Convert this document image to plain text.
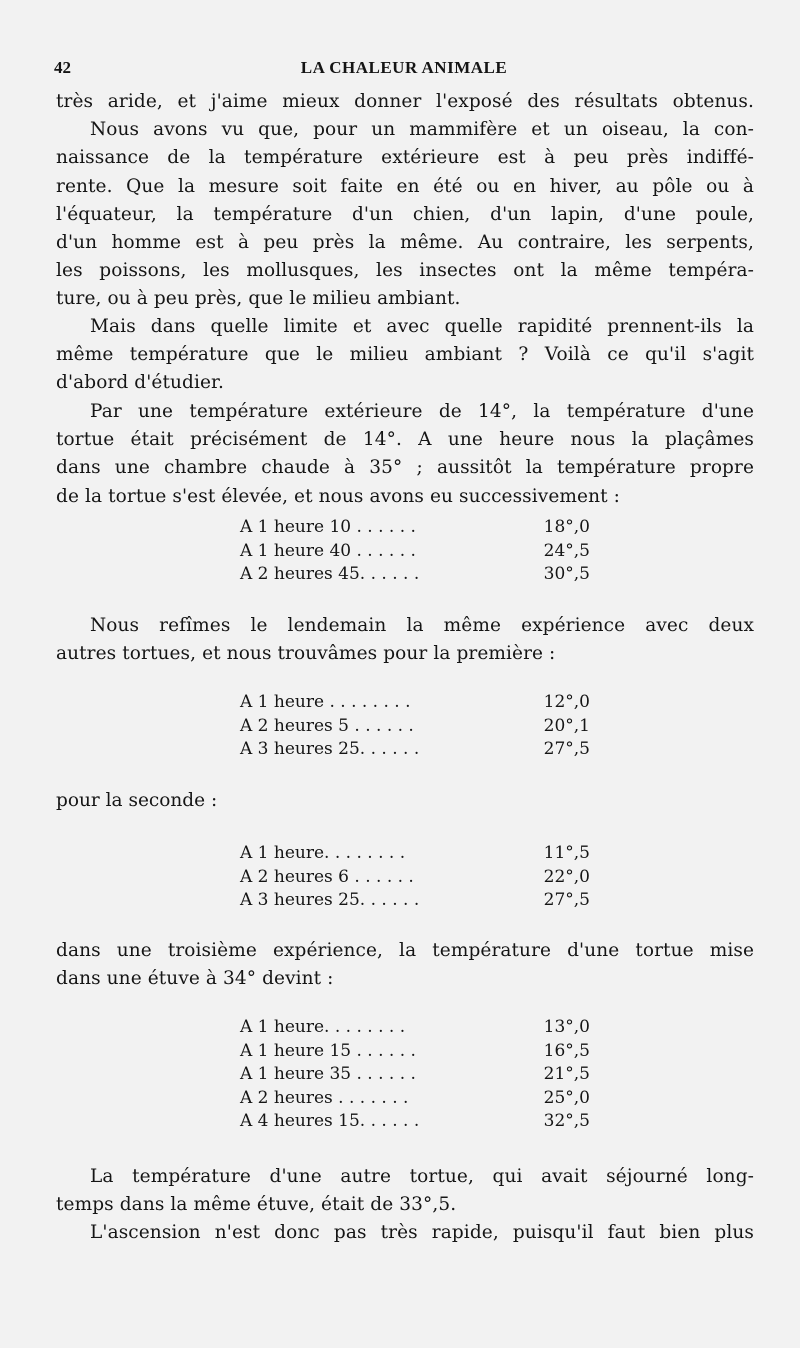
42	LA CHALEUR ANIMALE

très aride, et j'aime mieux donner l'exposé des résultats obtenus.

Nous avons vu que, pour un mammifère et un oiseau, la con-

naissance de la température extérieure est à peu près indiffé-

rente. Que la mesure soit faite en été ou en hiver, au pôle ou à

l'équateur, la température d'un chien, d'un lapin, d'une poule,

d'un homme est à peu près la même. Au contraire, les serpents,

les poissons, les mollusques, les insectes ont la même tempéra-

ture, ou à peu près, que le milieu ambiant.

Mais dans quelle limite et avec quelle rapidité prennent-ils la

même température que le milieu ambiant ? Voilà ce qu'il s'agit

d'abord d'étudier.

Par une température extérieure de 14°, la température d'une

tortue était précisément de 14°. A une heure nous la plaçâmes

dans une chambre chaude à 35° ; aussitôt la température propre

de la tortue s'est élevée, et nous avons eu successivement :

A 1 heure 10 . . . . . .	18°,0
A 1 heure 40 . . . . . .	24°,5
A 2 heures 45. . . . . .	30°,5

Nous refîmes le lendemain la même expérience avec deux

autres tortues, et nous trouvâmes pour la première :

A 1 heure . . . . . . . .	12°,0
A 2 heures 5 . . . . . .	20°,1
A 3 heures 25. . . . . .	27°,5
pour la seconde :
A 1 heure. . . . . . . .	11°,5
A 2 heures 6 . . . . . .	22°,0
A 3 heures 25. . . . . .	27°,5

dans une troisième expérience, la température d'une tortue mise

dans une étuve à 34° devint :

A 1 heure. . . . . . . .	13°,0
A 1 heure 15 . . . . . .	16°,5
A 1 heure 35 . . . . . .	21°,5
A 2 heures . . . . . . .	25°,0
A 4 heures 15. . . . . .	32°,5

La température d'une autre tortue, qui avait séjourné long-

temps dans la même étuve, était de 33°,5.

L'ascension n'est donc pas très rapide, puisqu'il faut bien plus
